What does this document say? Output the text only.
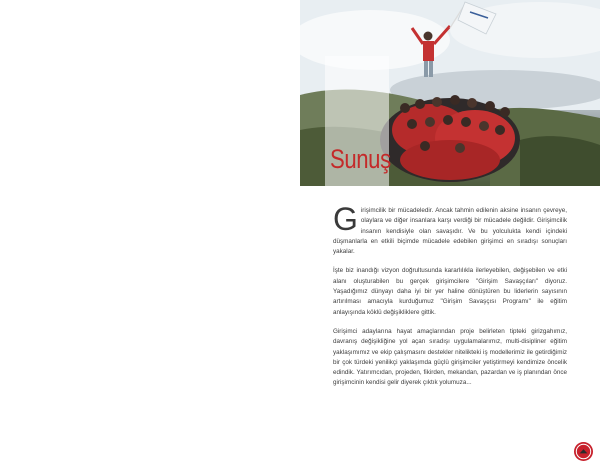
Sunuş

Girişimcilik bir mücadeledir. Ancak tahmin edilenin aksine insanın çevreye, olaylara ve diğer insanlara karşı verdiği bir mücadele değildir. Girişimcilik insanın kendisiyle olan savaşıdır. Ve bu yolculukta kendi içindeki düşmanlarla en etkili biçimde mücadele edebilen girişimci en sıradışı sonuçları yakalar.

İşte biz inandığı vizyon doğrultusunda kararlılıkla ilerleyebilen, değişebilen ve etki alanı oluşturabilen bu gerçek girişimcilere "Girişim Savaşçıları" diyoruz. Yaşadığımız dünyayı daha iyi bir yer haline dönüştüren bu liderlerin sayısının artırılması amacıyla kurduğumuz "Girişim Savaşçısı Programı" ile eğitim anlayışında köklü değişikliklere gittik.

Girişimci adaylarına hayat amaçlarından proje belirleten tipteki girizgahımız, davranış değişikliğine yol açan sıradışı uygulamalarımız, multi-disipliner eğitim yaklaşımımız ve ekip çalışmasını destekler nitelikteki iş modellerimiz ile getirdiğimiz bir çok türdeki yenilikçi yaklaşımda güçlü girişimciler yetiştirmeyi kendimize öncelik edindik. Yatırımcıdan, projeden, fikirden, mekandan, pazardan ve iş planından önce girişimcinin kendisi gelir diyerek çıktık yolumuza...
